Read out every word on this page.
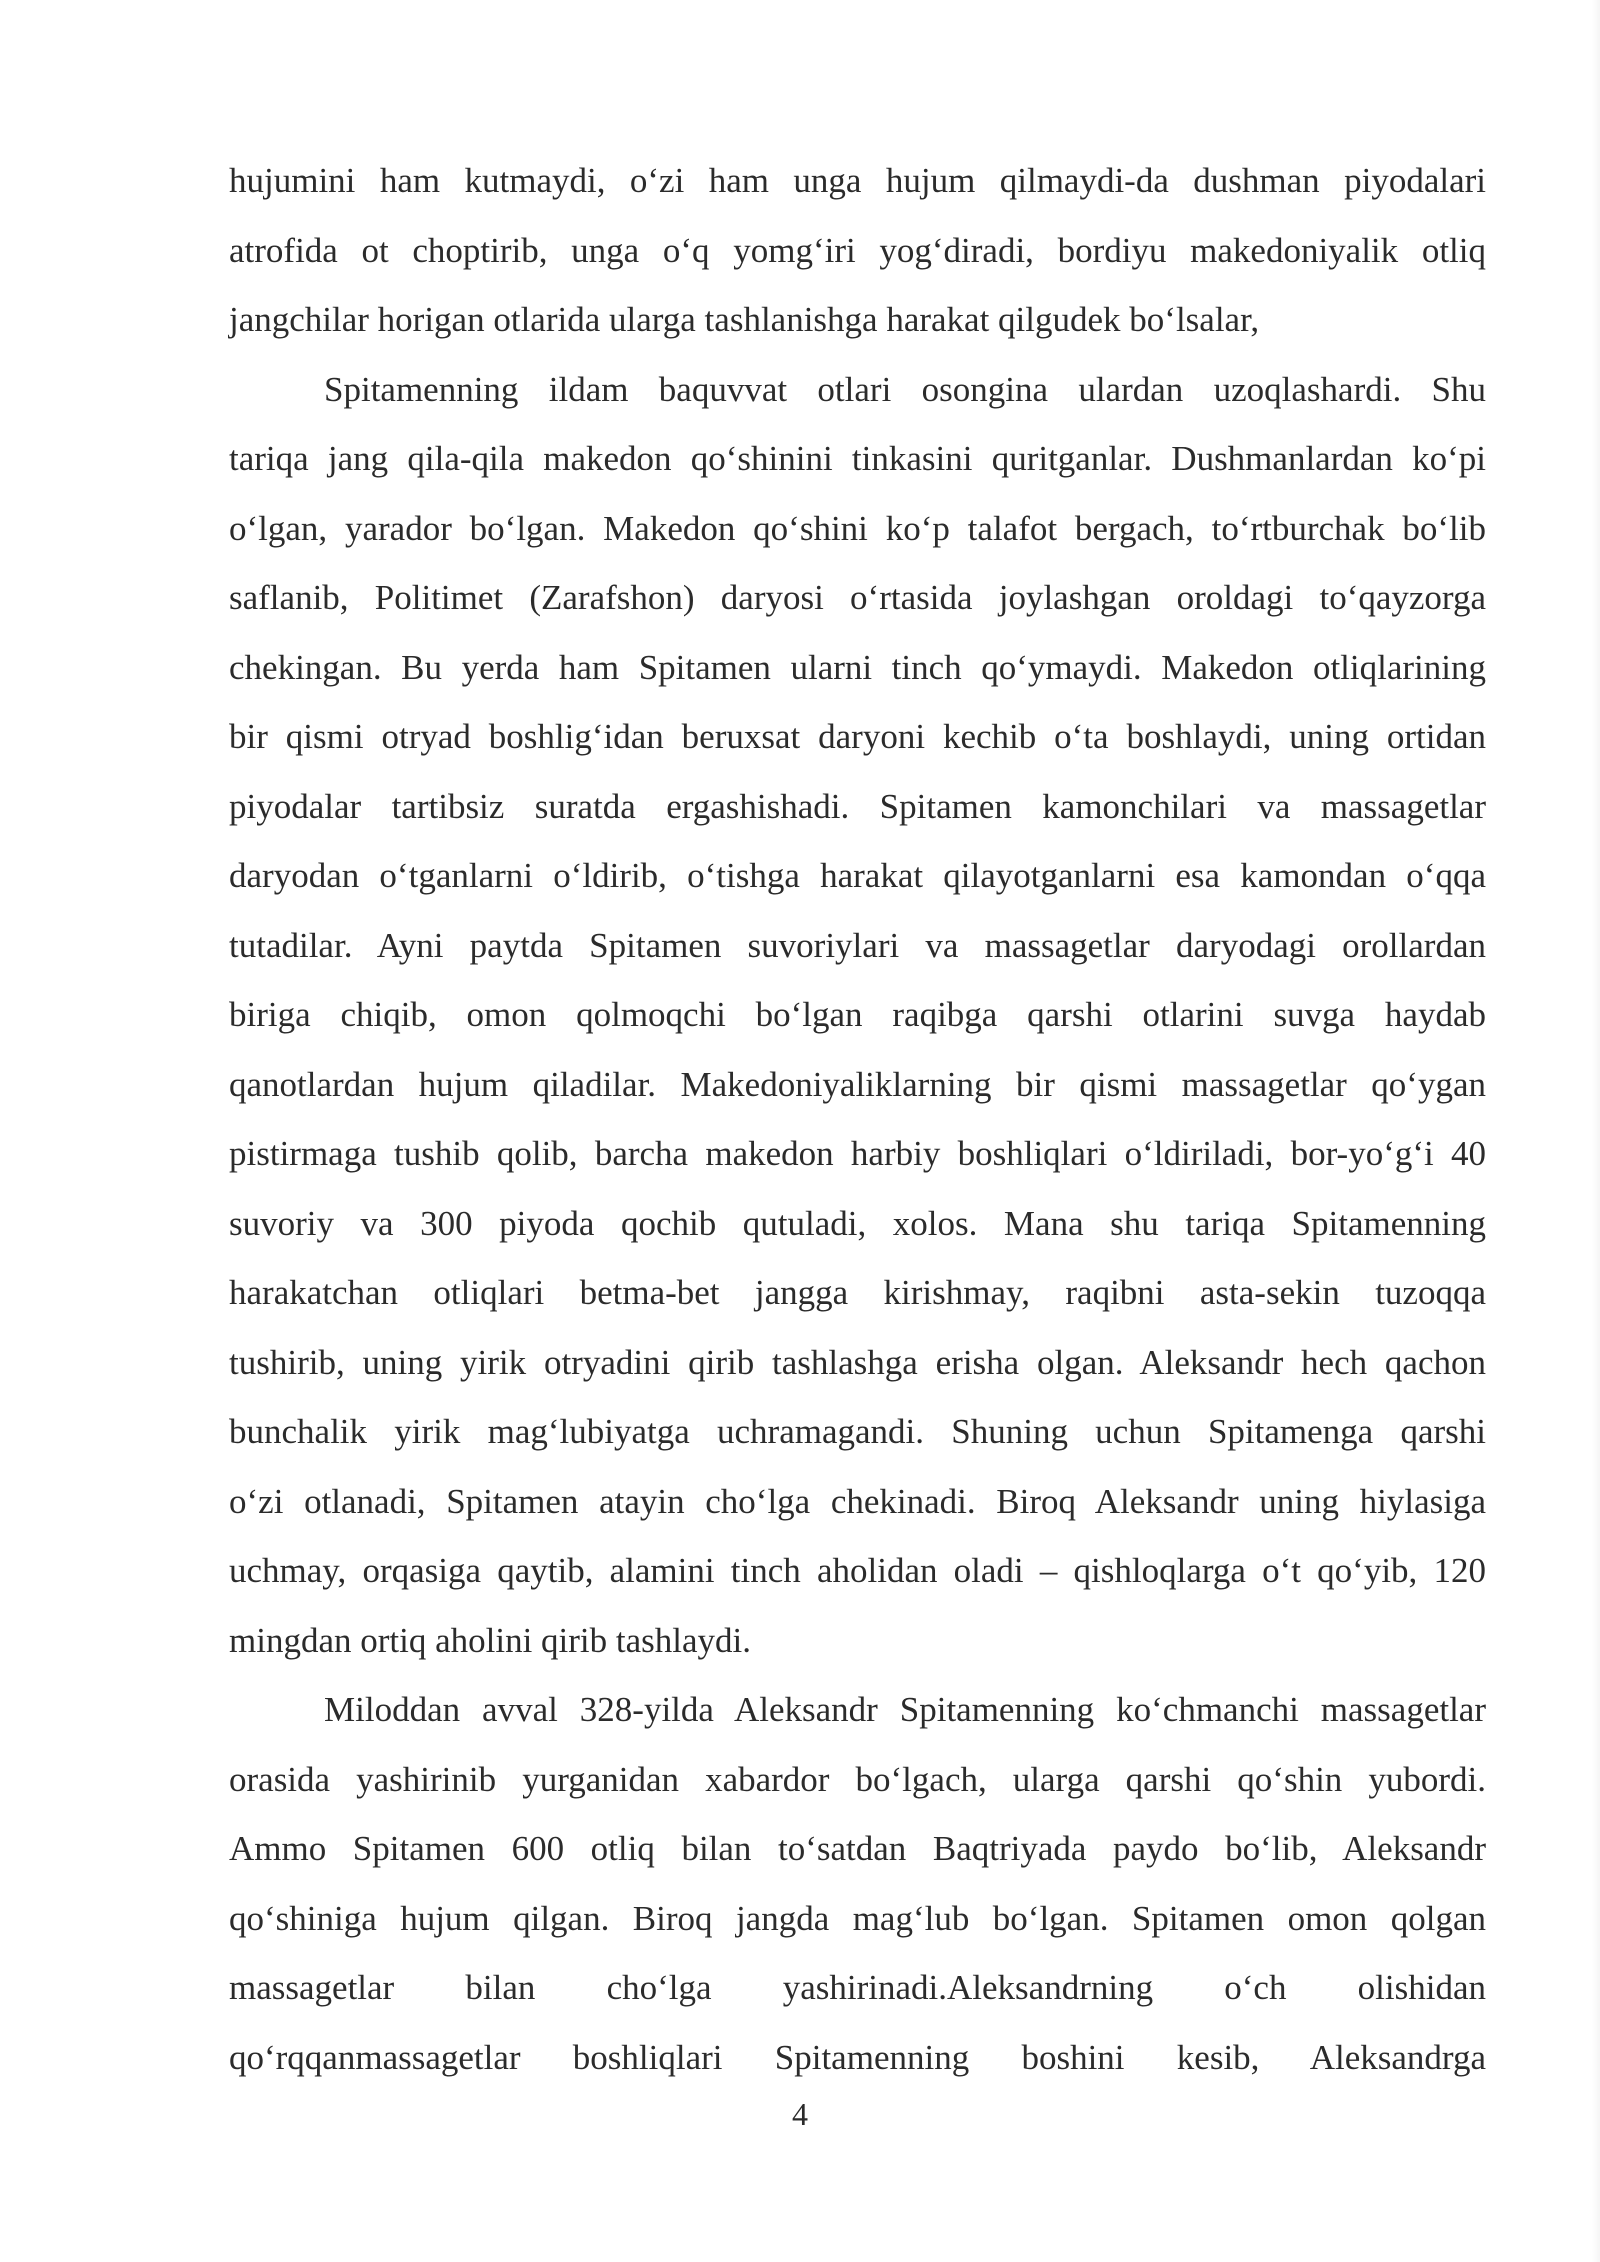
hujumini ham kutmaydi, o‘zi ham unga hujum qilmaydi-da dushman piyodalari
atrofida ot choptirib, unga o‘q yomg‘iri yog‘diradi, bordiyu makedoniyalik otliq
jangchilar horigan otlarida ularga tashlanishga harakat qilgudek bo‘lsalar,

Spitamenning ildam baquvvat otlari osongina ulardan uzoqlashardi. Shu
tariqa jang qila-qila makedon qo‘shinini tinkasini quritganlar. Dushmanlardan ko‘pi
o‘lgan, yarador bo‘lgan. Makedon qo‘shini ko‘p talafot bergach, to‘rtburchak bo‘lib
saflanib, Politimet (Zarafshon) daryosi o‘rtasida joylashgan oroldagi to‘qayzorga
chekingan. Bu yerda ham Spitamen ularni tinch qo‘ymaydi. Makedon otliqlarining
bir qismi otryad boshlig‘idan beruxsat daryoni kechib o‘ta boshlaydi, uning ortidan
piyodalar tartibsiz suratda ergashishadi. Spitamen kamonchilari va massagetlar
daryodan o‘tganlarni o‘ldirib, o‘tishga harakat qilayotganlarni esa kamondan o‘qqa
tutadilar. Ayni paytda Spitamen suvoriylari va massagetlar daryodagi orollardan
biriga chiqib, omon qolmoqchi bo‘lgan raqibga qarshi otlarini suvga haydab
qanotlardan hujum qiladilar. Makedoniyaliklarning bir qismi massagetlar qo‘ygan
pistirmaga tushib qolib, barcha makedon harbiy boshliqlari o‘ldiriladi, bor-yo‘g‘i 40
suvoriy va 300 piyoda qochib qutuladi, xolos. Mana shu tariqa Spitamenning
harakatchan otliqlari betma-bet jangga kirishmay, raqibni asta-sekin tuzoqqa
tushirib, uning yirik otryadini qirib tashlashga erisha olgan. Aleksandr hech qachon
bunchalik yirik mag‘lubiyatga uchramagandi. Shuning uchun Spitamenga qarshi
o‘zi otlanadi, Spitamen atayin cho‘lga chekinadi. Biroq Aleksandr uning hiylasiga
uchmay, orqasiga qaytib, alamini tinch aholidan oladi – qishloqlarga o‘t qo‘yib, 120
mingdan ortiq aholini qirib tashlaydi.

Miloddan avval 328-yilda Aleksandr Spitamenning ko‘chmanchi massagetlar
orasida yashirinib yurganidan xabardor bo‘lgach, ularga qarshi qo‘shin yubordi.
Ammo Spitamen 600 otliq bilan to‘satdan Baqtriyada paydo bo‘lib, Aleksandr
qo‘shiniga hujum qilgan. Biroq jangda mag‘lub bo‘lgan. Spitamen omon qolgan
massagetlar bilan cho‘lga yashirinadi.Aleksandrning o‘ch olishidan
qo‘rqqanmassagetlar boshliqlari Spitamenning boshini kesib, Aleksandrga

4
